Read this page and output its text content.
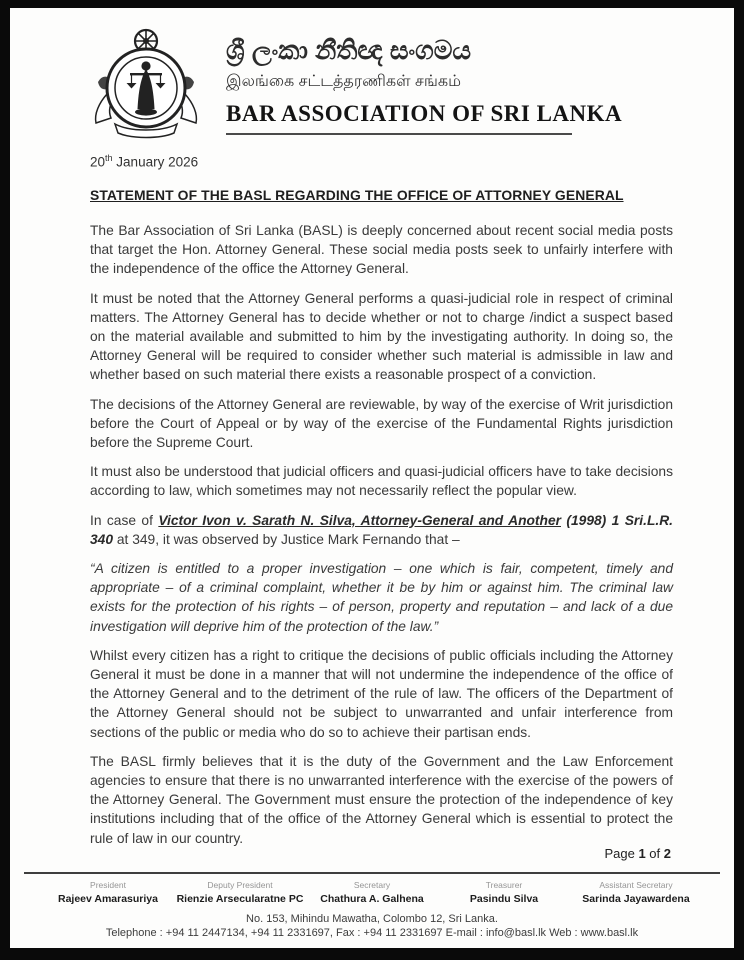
ශ්‍රී ලංකා නීතිඥ සංගමය
இலங்கை சட்டத்தரணிகள் சங்கம்
BAR ASSOCIATION OF SRI LANKA
20th January 2026
STATEMENT OF THE BASL REGARDING THE OFFICE OF ATTORNEY GENERAL

The Bar Association of Sri Lanka (BASL) is deeply concerned about recent social media posts that target the Hon. Attorney General. These social media posts seek to unfairly interfere with the independence of the office the Attorney General.

It must be noted that the Attorney General performs a quasi-judicial role in respect of criminal matters. The Attorney General has to decide whether or not to charge /indict a suspect based on the material available and submitted to him by the investigating authority. In doing so, the Attorney General will be required to consider whether such material is admissible in law and whether based on such material there exists a reasonable prospect of a conviction.

The decisions of the Attorney General are reviewable, by way of the exercise of Writ jurisdiction before the Court of Appeal or by way of the exercise of the Fundamental Rights jurisdiction before the Supreme Court.

It must also be understood that judicial officers and quasi-judicial officers have to take decisions according to law, which sometimes may not necessarily reflect the popular view.

In case of Victor Ivon v. Sarath N. Silva, Attorney-General and Another (1998) 1 Sri.L.R. 340 at 349, it was observed by Justice Mark Fernando that –

“A citizen is entitled to a proper investigation – one which is fair, competent, timely and appropriate – of a criminal complaint, whether it be by him or against him. The criminal law exists for the protection of his rights – of person, property and reputation – and lack of a due investigation will deprive him of the protection of the law.”

Whilst every citizen has a right to critique the decisions of public officials including the Attorney General it must be done in a manner that will not undermine the independence of the office of the Attorney General and to the detriment of the rule of law. The officers of the Department of the Attorney General should not be subject to unwarranted and unfair interference from sections of the public or media who do so to achieve their partisan ends.

The BASL firmly believes that it is the duty of the Government and the Law Enforcement agencies to ensure that there is no unwarranted interference with the exercise of the powers of the Attorney General. The Government must ensure the protection of the independence of key institutions including that of the office of the Attorney General which is essential to protect the rule of law in our country.

Page 1 of 2
President
Rajeev Amarasuriya
Deputy President
Rienzie Arsecularatne PC
Secretary
Chathura A. Galhena
Treasurer
Pasindu Silva
Assistant Secretary
Sarinda Jayawardena
No. 153, Mihindu Mawatha, Colombo 12, Sri Lanka.
Telephone : +94 11 2447134, +94 11 2331697, Fax : +94 11 2331697 E-mail : info@basl.lk Web : www.basl.lk
